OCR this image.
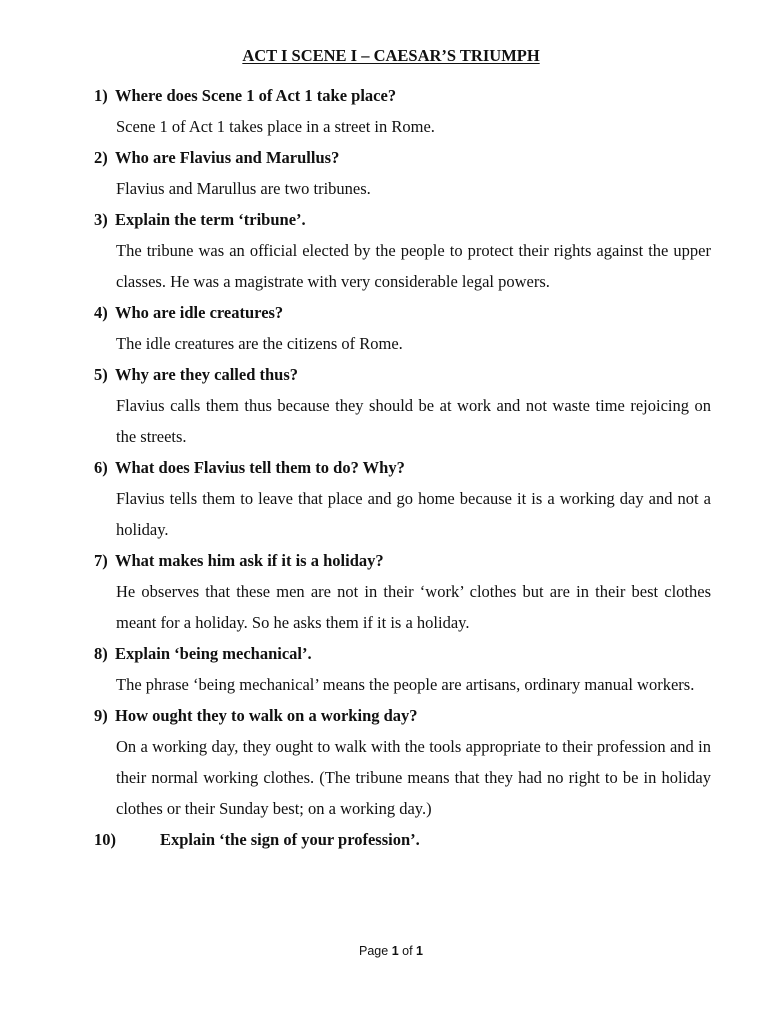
ACT I SCENE I – CAESAR’S TRIUMPH
1) Where does Scene 1 of Act 1 take place?
Scene 1 of Act 1 takes place in a street in Rome.
2) Who are Flavius and Marullus?
Flavius and Marullus are two tribunes.
3) Explain the term ‘tribune’.
The tribune was an official elected by the people to protect their rights against the upper classes. He was a magistrate with very considerable legal powers.
4) Who are idle creatures?
The idle creatures are the citizens of Rome.
5) Why are they called thus?
Flavius calls them thus because they should be at work and not waste time rejoicing on the streets.
6) What does Flavius tell them to do? Why?
Flavius tells them to leave that place and go home because it is a working day and not a holiday.
7) What makes him ask if it is a holiday?
He observes that these men are not in their ‘work’ clothes but are in their best clothes meant for a holiday. So he asks them if it is a holiday.
8) Explain ‘being mechanical’.
The phrase ‘being mechanical’ means the people are artisans, ordinary manual workers.
9) How ought they to walk on a working day?
On a working day, they ought to walk with the tools appropriate to their profession and in their normal working clothes. (The tribune means that they had no right to be in holiday clothes or their Sunday best; on a working day.)
10)	Explain ‘the sign of your profession’.
Page 1 of 1
